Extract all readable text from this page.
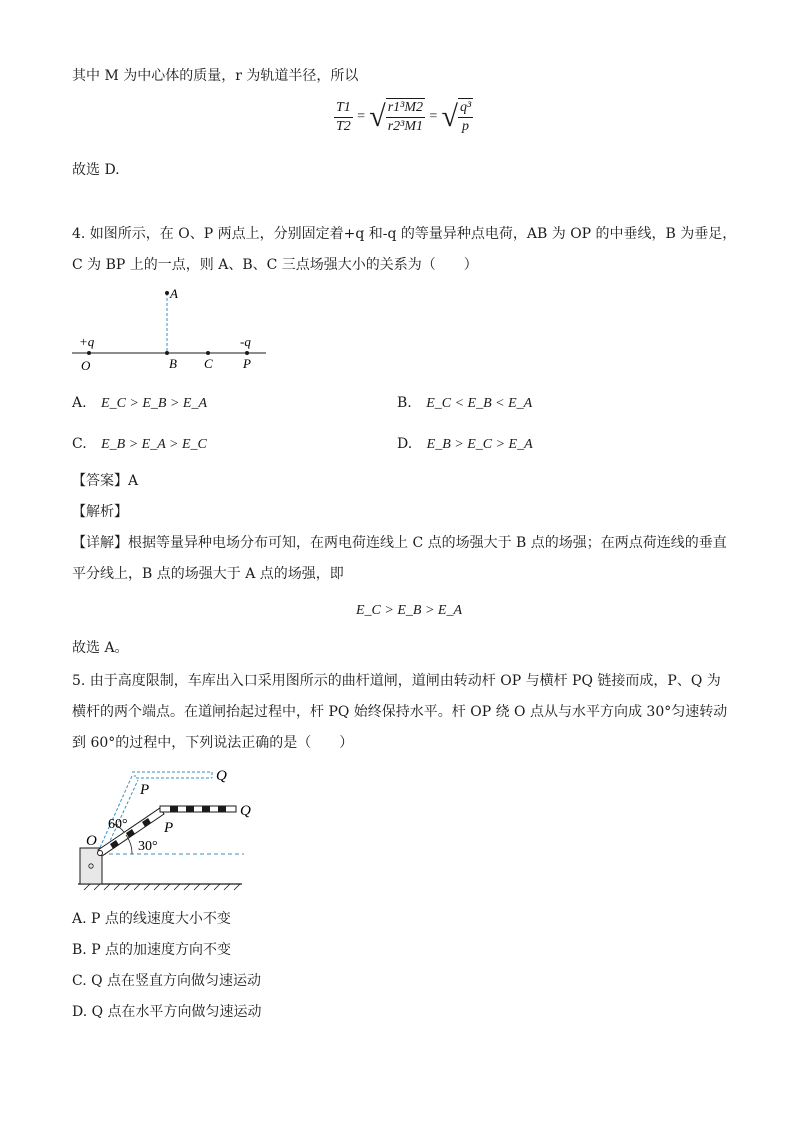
其中 M 为中心体的质量，r 为轨道半径，所以
$\frac{T1}{T2}$ = √ $\frac{\text{r1³M2}}{\text{r2³M1}}$ = √ $\frac{\text{q³}}{p}$
故选 D.
4. 如图所示，在 O、P 两点上，分别固定着+q 和-q 的等量异种点电荷，AB 为 OP 的中垂线，B 为垂足，
C 为 BP 上的一点，则 A、B、C 三点场强大小的关系为（　　）
A
+q	-q
O	B C P
A. E_C > E_B > E_A	B. E_C < E_B < E_A
C. E_B > E_A > E_C	D. E_B > E_C > E_A
【答案】A
【解析】
【详解】根据等量异种电场分布可知，在两电荷连线上 C 点的场强大于 B 点的场强；在两点荷连线的垂直
平分线上，B 点的场强大于 A 点的场强，即
E_C > E_B > E_A
故选 A。
5. 由于高度限制，车库出入口采用图所示的曲杆道闸，道闸由转动杆 OP 与横杆 PQ 链接而成，P、Q 为
横杆的两个端点。在道闸抬起过程中，杆 PQ 始终保持水平。杆 OP 绕 O 点从与水平方向成 30°匀速转动
到 60°的过程中，下列说法正确的是（　　）
O
P
Q
P
Q
60°
30°
A. P 点的线速度大小不变
B. P 点的加速度方向不变
C. Q 点在竖直方向做匀速运动
D. Q 点在水平方向做匀速运动
